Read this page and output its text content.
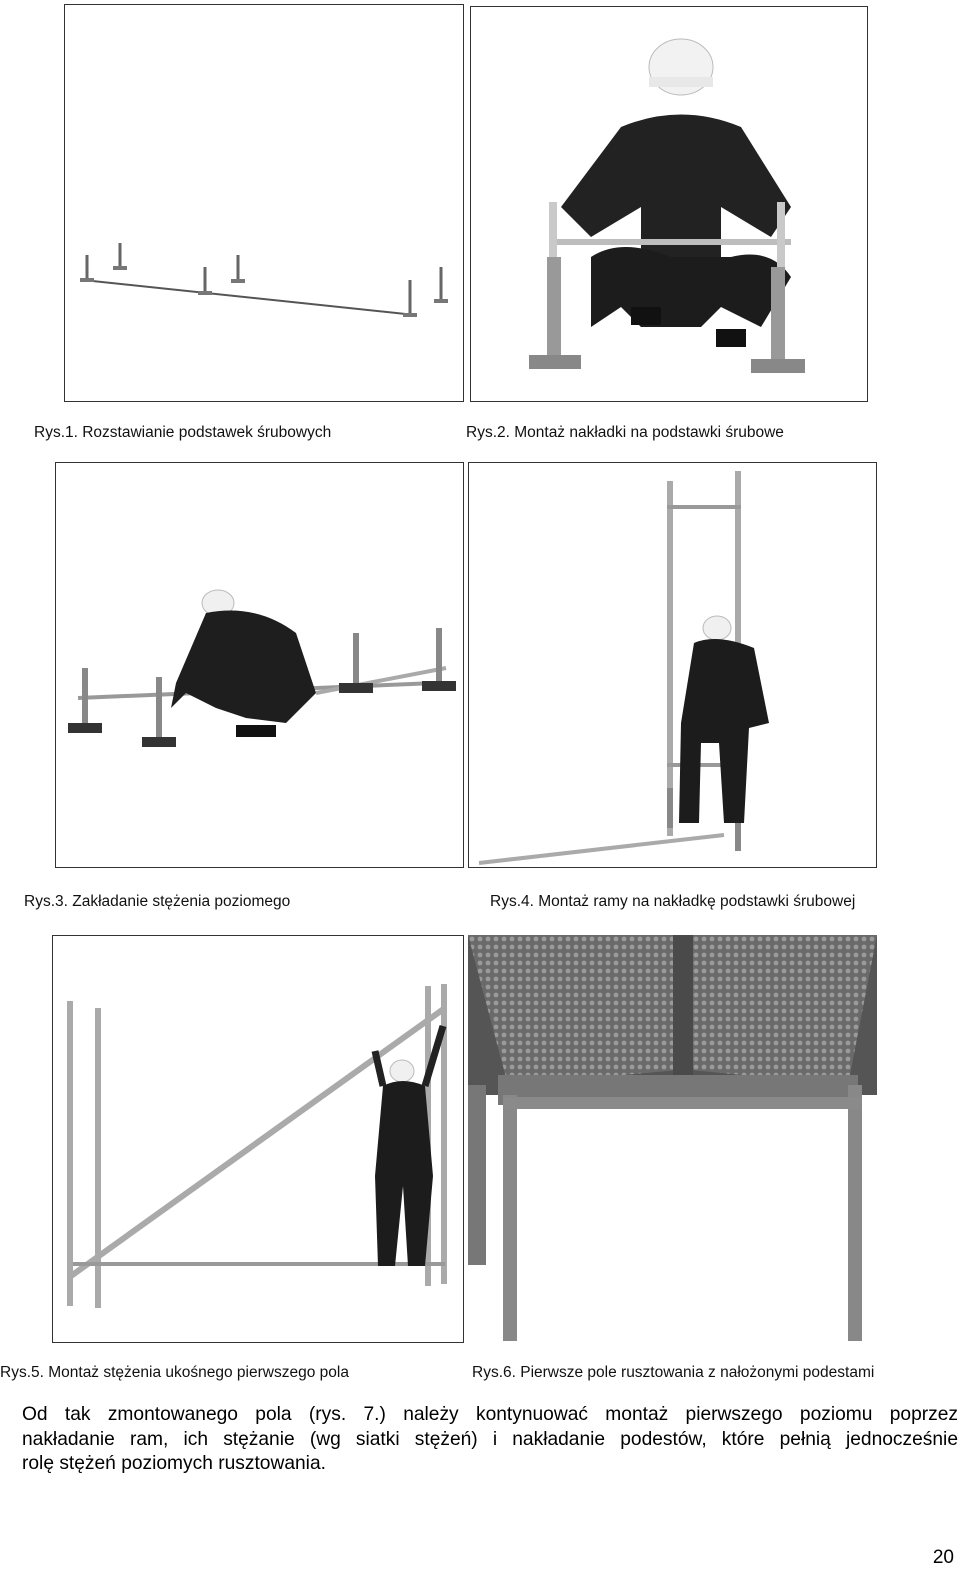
Rys.1. Rozstawianie podstawek śrubowych	Rys.2. Montaż nakładki na podstawki śrubowe
Rys.3. Zakładanie stężenia poziomego	Rys.4. Montaż ramy na nakładkę podstawki śrubowej
Rys.5. Montaż stężenia ukośnego pierwszego pola	Rys.6. Pierwsze pole rusztowania z nałożonymi podestami
Od tak zmontowanego pola (rys. 7.) należy kontynuować montaż pierwszego poziomu poprzez
nakładanie ram, ich stężanie (wg siatki stężeń) i nakładanie podestów, które pełnią jednocześnie
rolę stężeń poziomych rusztowania.
20
